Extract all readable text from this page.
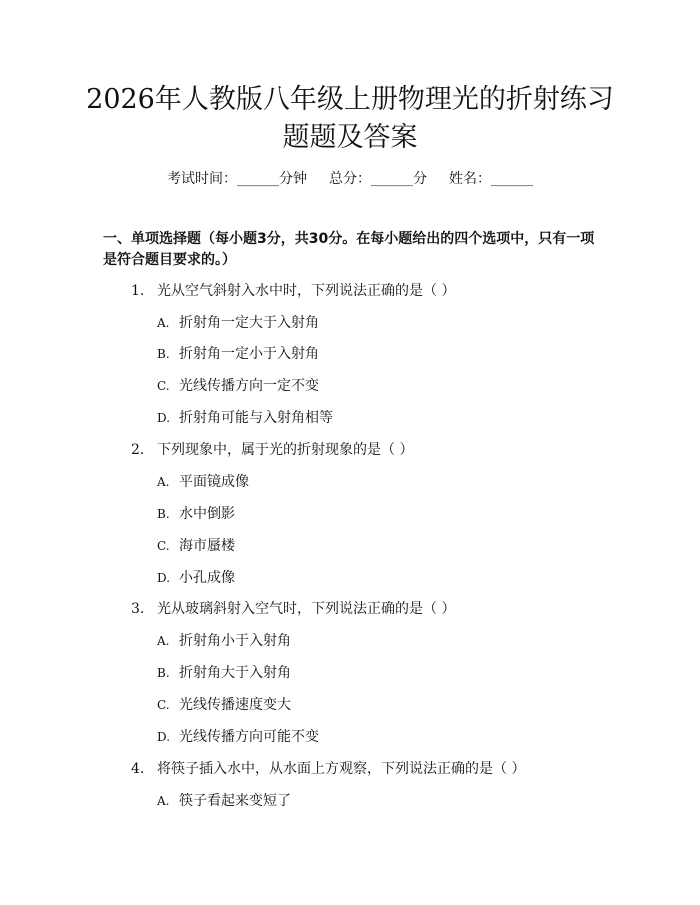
2026年人教版八年级上册物理光的折射练习
题题及答案
考试时间：______分钟 总分：______分 姓名：______
一、单项选择题（每小题3分，共30分。在每小题给出的四个选项中，只有一项
是符合题目要求的。）
1. 光从空气斜射入水中时，下列说法正确的是（ ）
A. 折射角一定大于入射角
B. 折射角一定小于入射角
C. 光线传播方向一定不变
D. 折射角可能与入射角相等
2. 下列现象中，属于光的折射现象的是（ ）
A. 平面镜成像
B. 水中倒影
C. 海市蜃楼
D. 小孔成像
3. 光从玻璃斜射入空气时，下列说法正确的是（ ）
A. 折射角小于入射角
B. 折射角大于入射角
C. 光线传播速度变大
D. 光线传播方向可能不变
4. 将筷子插入水中，从水面上方观察，下列说法正确的是（ ）
A. 筷子看起来变短了
